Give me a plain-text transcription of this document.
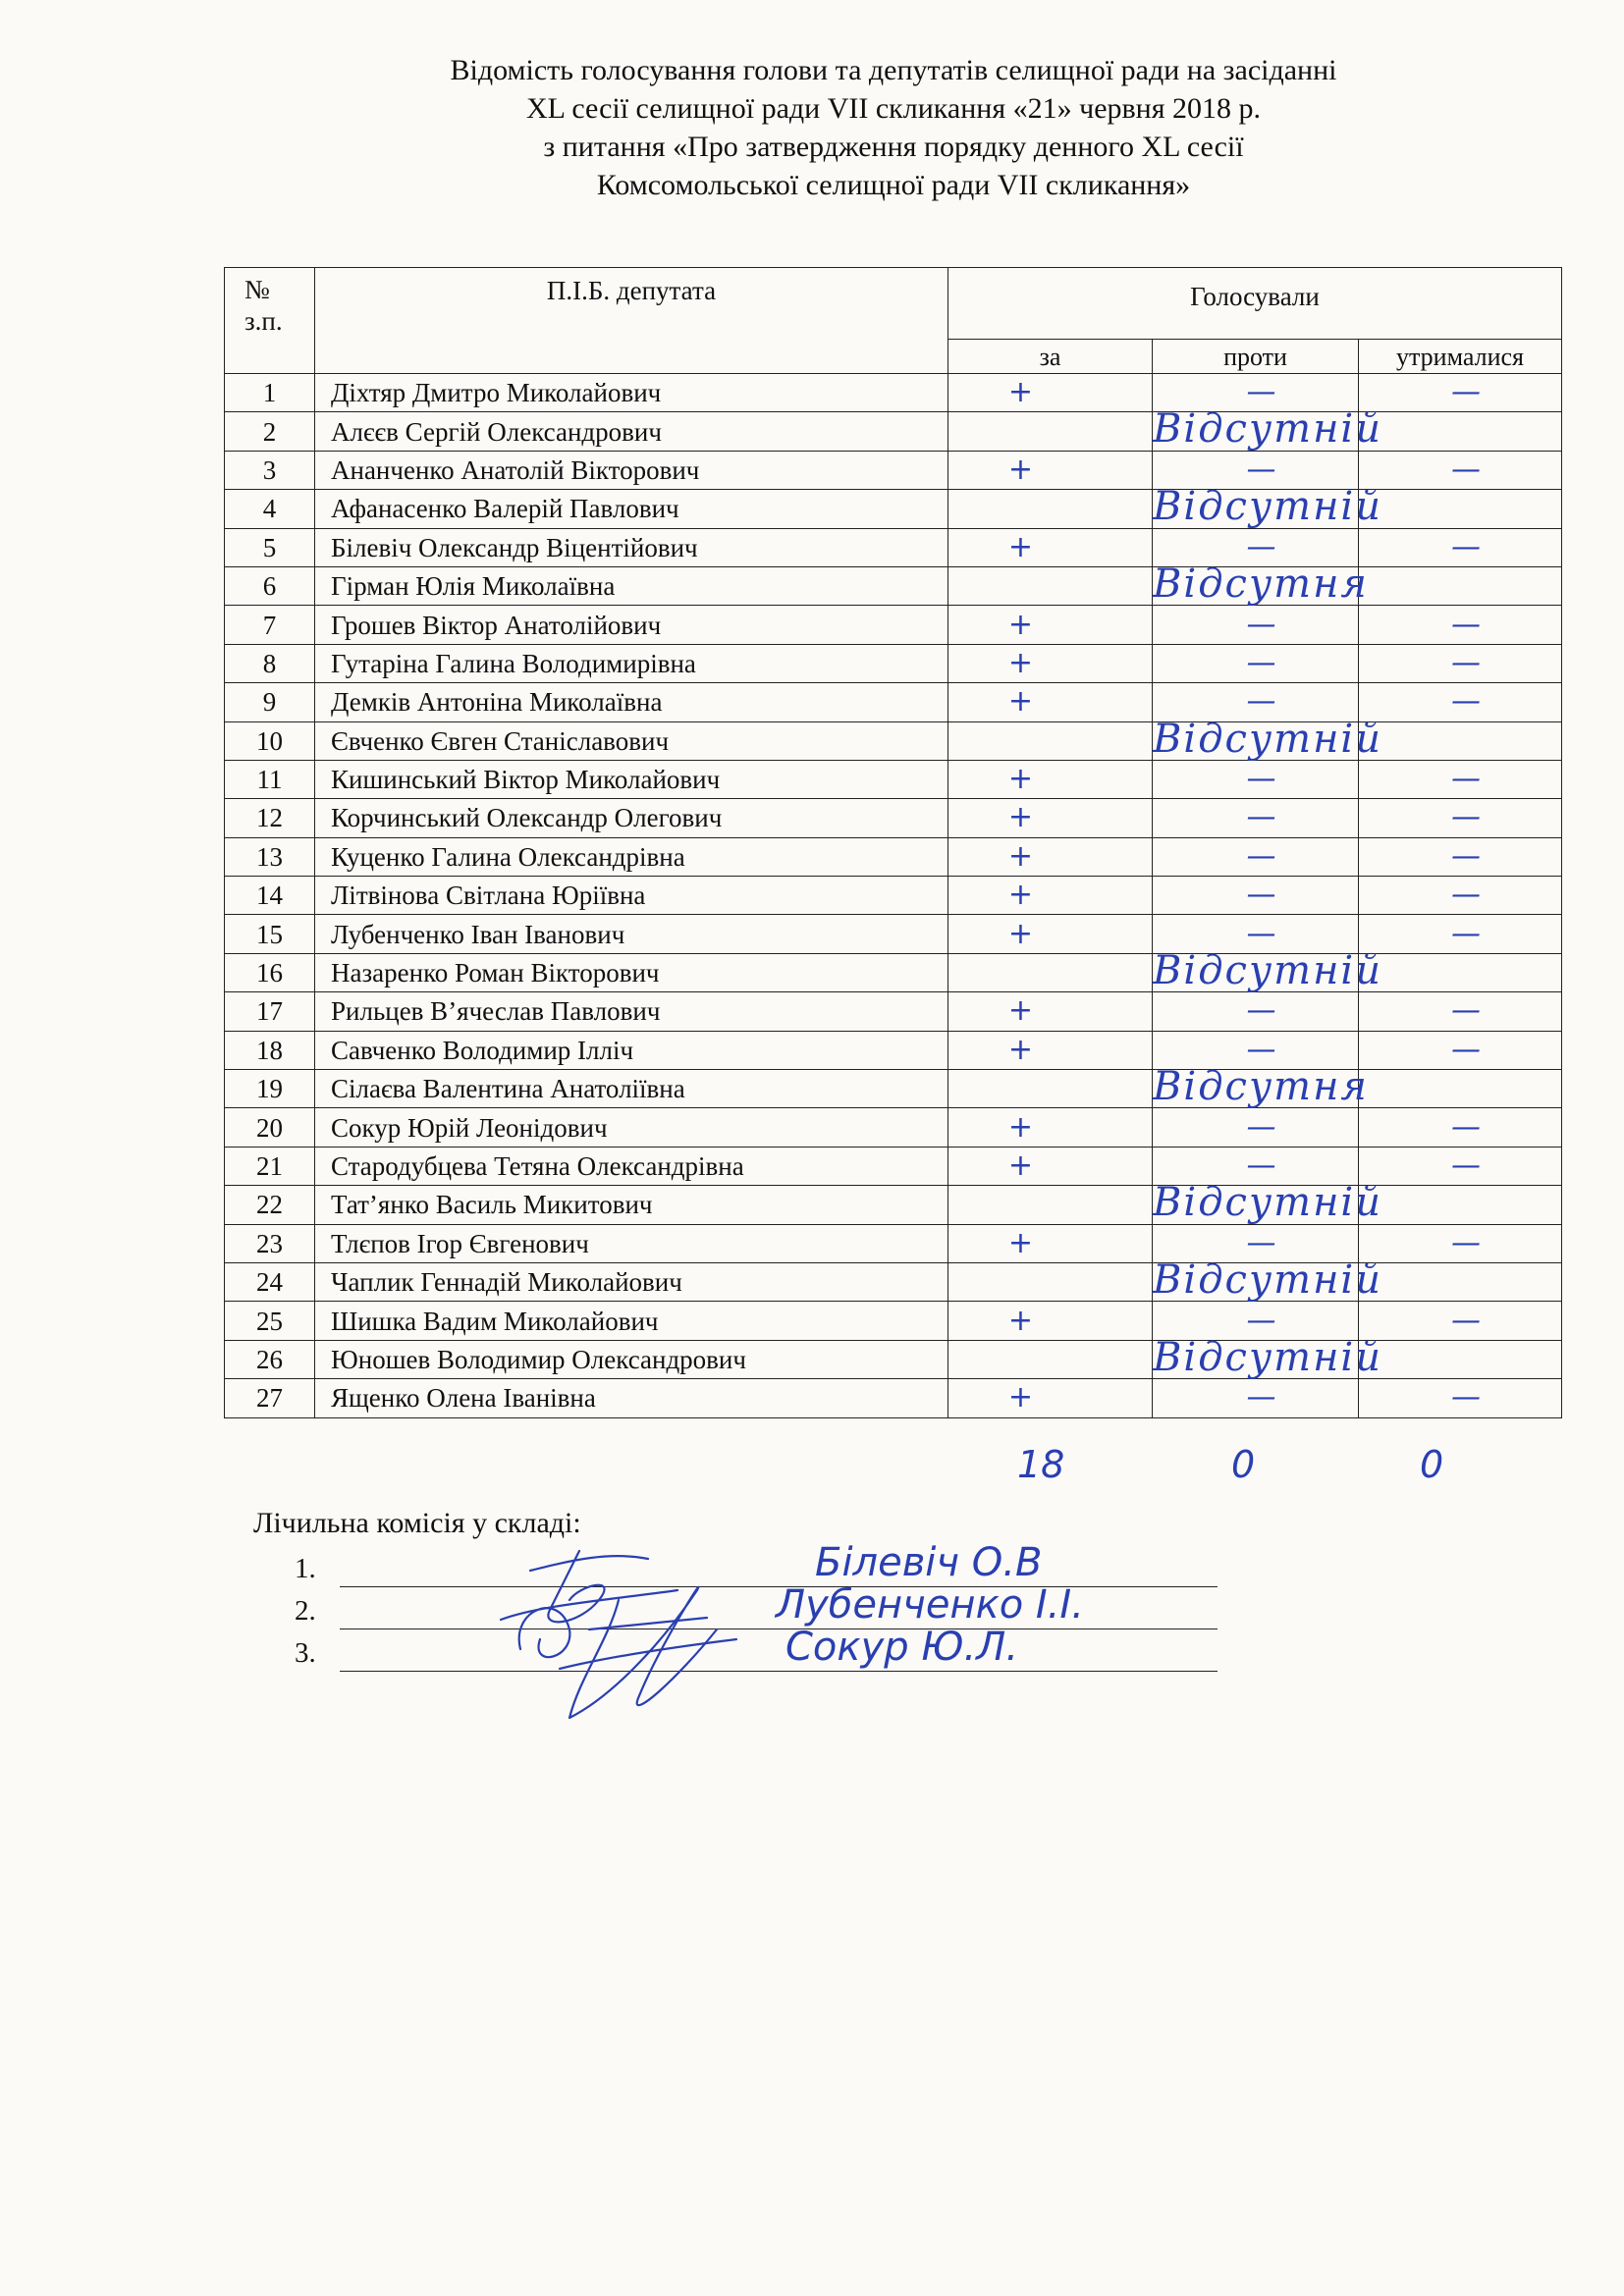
Відомість голосування голови та депутатів селищної ради на засіданні
XL сесії селищної ради VII скликання «21» червня 2018 р.
з питання «Про затвердження порядку денного XL сесії
Комсомольської селищної ради VII скликання»
№
з.п.	П.І.Б. депутата	Голосували		
		за	проти	утрималися
1	Діхтяр Дмитро Миколайович	+	—	—
2	Алєєв Сергій Олександрович		Відсутній	

3	Ананченко Анатолій Вікторович	+	—	—
4	Афанасенко Валерій Павлович		Відсутній	

5	Білевіч Олександр Віцентійович	+	—	—
6	Гірман Юлія Миколаївна		Відсутня	

7	Грошев Віктор Анатолійович	+	—	—
8	Гутаріна Галина Володимирівна	+	—	—
9	Демків Антоніна Миколаївна	+	—	—
10	Євченко Євген Станіславович		Відсутній	

11	Кишинський Віктор Миколайович	+	—	—
12	Корчинський Олександр Олегович	+	—	—
13	Куценко Галина Олександрівна	+	—	—
14	Літвінова Світлана Юріївна	+	—	—
15	Лубенченко Іван Іванович	+	—	—
16	Назаренко Роман Вікторович		Відсутній	

17	Рильцев В’ячеслав Павлович	+	—	—
18	Савченко Володимир Ілліч	+	—	—
19	Сілаєва Валентина Анатоліївна		Відсутня	

20	Сокур Юрій Леонідович	+	—	—
21	Стародубцева Тетяна Олександрівна	+	—	—
22	Тат’янко Василь Микитович		Відсутній	

23	Тлєпов Ігор Євгенович	+	—	—
24	Чаплик Геннадій Миколайович		Відсутній	

25	Шишка Вадим Миколайович	+	—	—
26	Юношев Володимир Олександрович		Відсутній	

27	Ященко Олена Іванівна	+	—	—
18	0	0
Лічильна комісія у складі:
1.	Білевіч О.В
2.	Лубенченко І.І.
3.	Сокур Ю.Л.
